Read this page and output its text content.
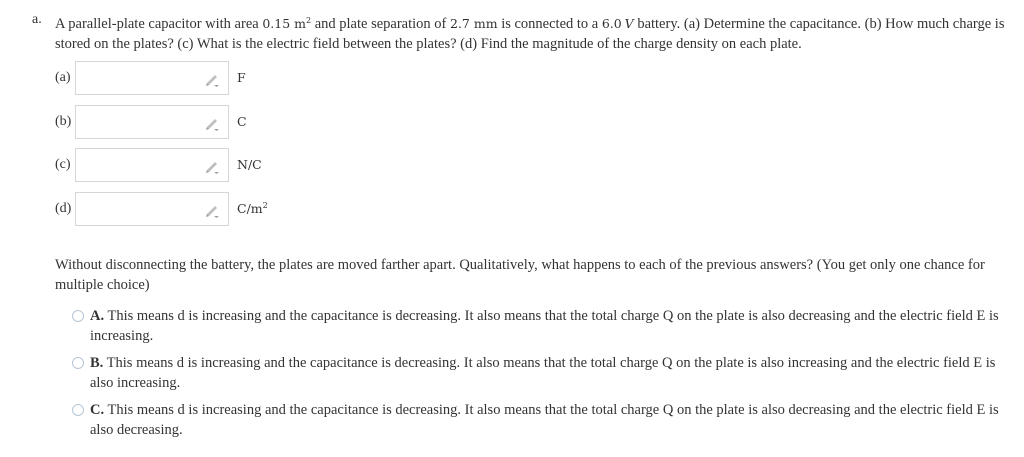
a. A parallel-plate capacitor with area 0.15 $m^2$ and plate separation of 2.7 mm is connected to a 6.0  V battery. (a) Determine the capacitance. (b) How much charge is stored on the plates? (c) What is the electric field between the plates? (d) Find the magnitude of the charge density on each plate.
(a)	F
(b)	C
(c)	N/C
(d)	$C/m^2$
Without disconnecting the battery, the plates are moved farther apart. Qualitatively, what happens to each of the previous answers? (You get only one chance for multiple choice)
A. This means d is increasing and the capacitance is decreasing. It also means that the total charge Q on the plate is also decreasing and the electric field E is increasing.
B. This means d is increasing and the capacitance is decreasing. It also means that the total charge Q on the plate is also increasing and the electric field E is also increasing.
C. This means d is increasing and the capacitance is decreasing. It also means that the total charge Q on the plate is also decreasing and the electric field E is also decreasing.
